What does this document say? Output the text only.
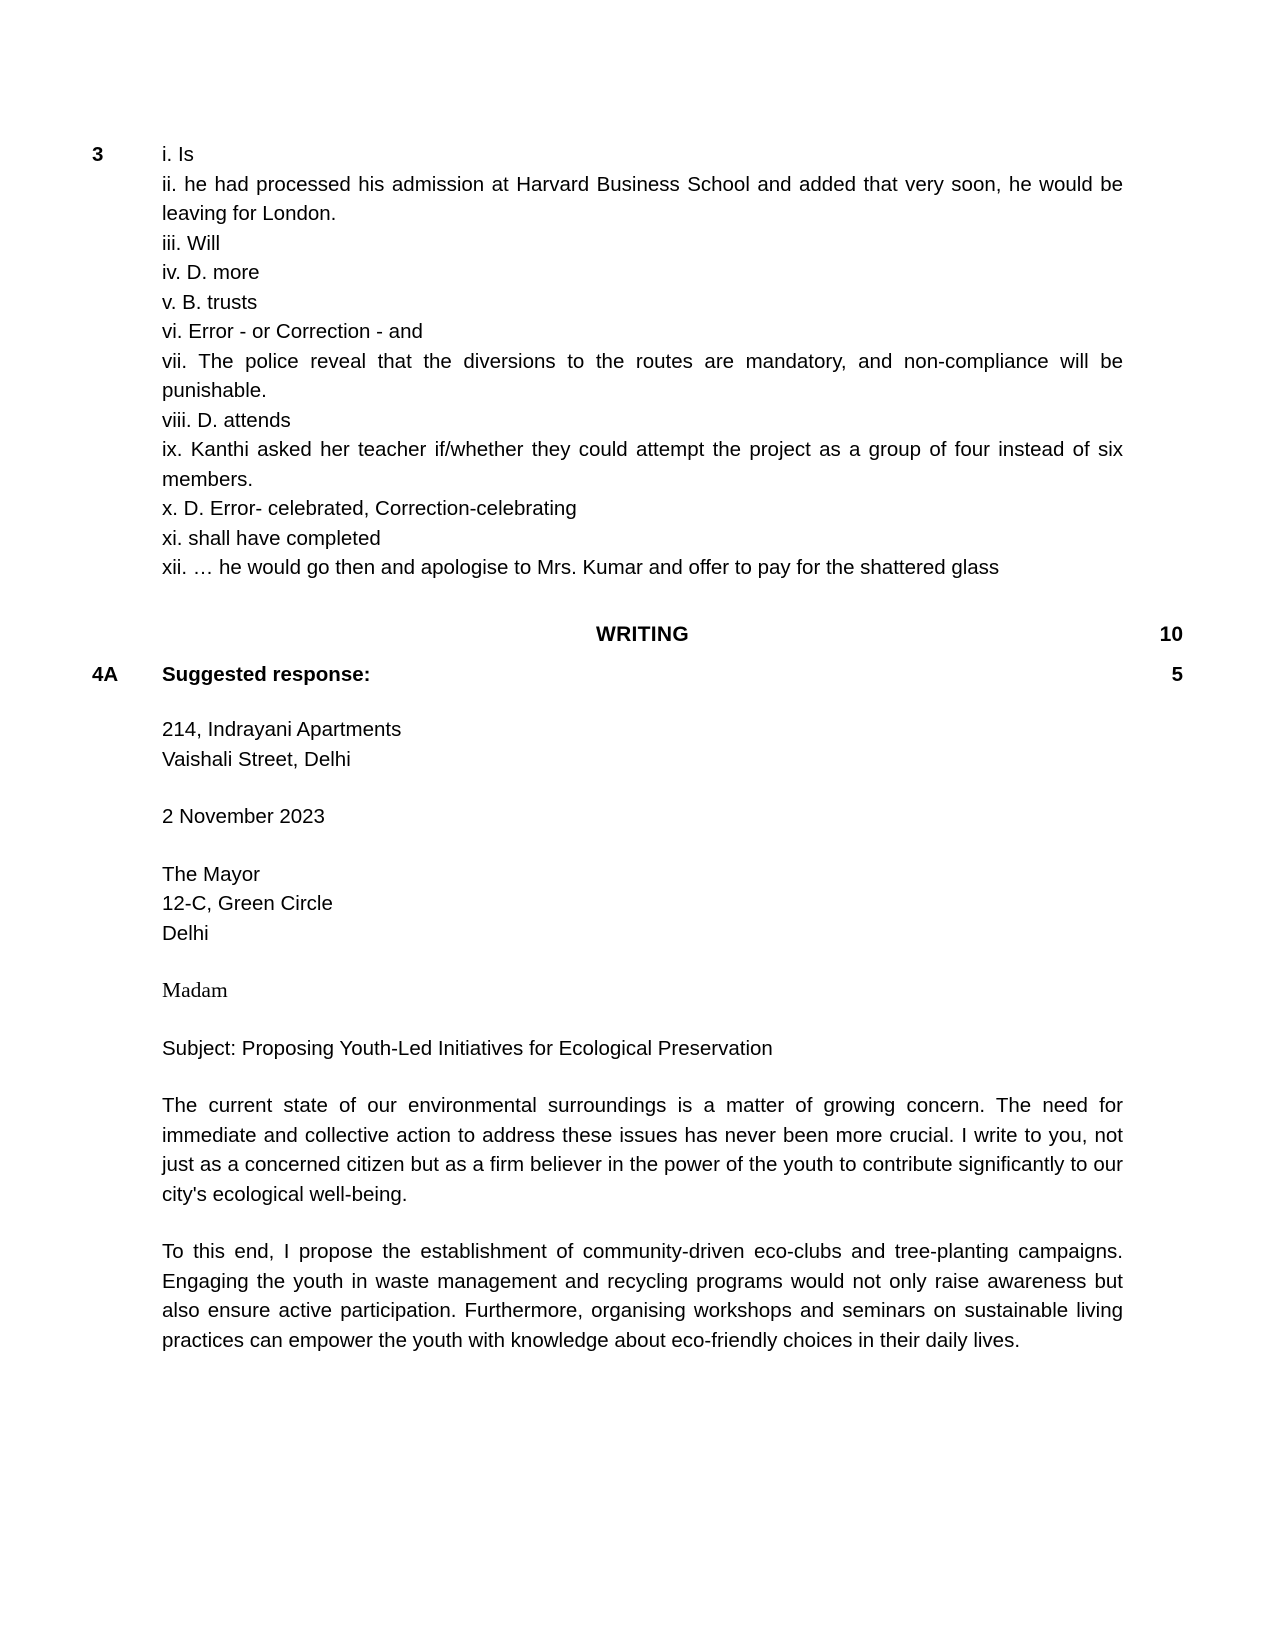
3	i. Is

ii. he had processed his admission at Harvard Business School and added that very soon, he would be leaving for London.

iii. Will

iv. D. more

v. B. trusts

vi. Error - or Correction - and

vii. The police reveal that the diversions to the routes are mandatory, and non-compliance will be punishable.

viii. D. attends

ix. Kanthi asked her teacher if/whether they could attempt the project as a group of four instead of six members.

x. D. Error- celebrated, Correction-celebrating

xi. shall have completed

xii. … he would go then and apologise to Mrs. Kumar and offer to pay for the shattered glass

WRITING	10
4A	Suggested response:	5
214, Indrayani Apartments
Vaishali Street, Delhi
2 November 2023
The Mayor
12-C, Green Circle
Delhi
Madam
Subject: Proposing Youth-Led Initiatives for Ecological Preservation

The current state of our environmental surroundings is a matter of growing concern. The need for immediate and collective action to address these issues has never been more crucial. I write to you, not just as a concerned citizen but as a firm believer in the power of the youth to contribute significantly to our city's ecological well-being.

To this end, I propose the establishment of community-driven eco-clubs and tree-planting campaigns. Engaging the youth in waste management and recycling programs would not only raise awareness but also ensure active participation. Furthermore, organising workshops and seminars on sustainable living practices can empower the youth with knowledge about eco-friendly choices in their daily lives.
